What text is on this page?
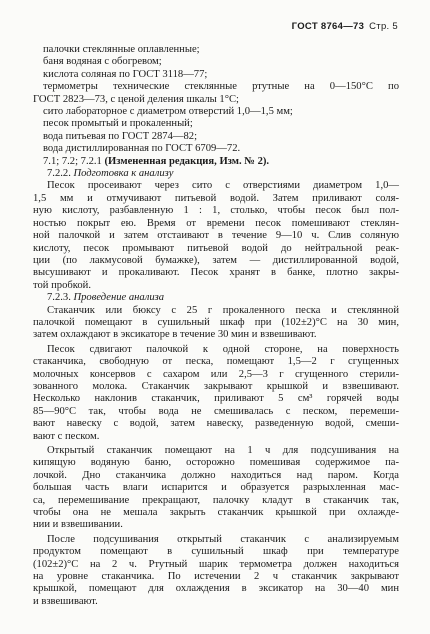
ГОСТ 8764—73 Стр. 5
палочки стеклянные оплавленные;
баня водяная с обогревом;
кислота соляная по ГОСТ 3118—77;
термометры технические стеклянные ртутные на 0—150°С по
ГОСТ 2823—73, с ценой деления шкалы 1°С;
сито лабораторное с диаметром отверстий 1,0—1,5 мм;
песок промытый и прокаленный;
вода питьевая по ГОСТ 2874—82;
вода дистиллированная по ГОСТ 6709—72.
7.1; 7.2; 7.2.1 (Измененная редакция, Изм. № 2).
7.2.2. Подготовка к анализу
Песок просеивают через сито с отверстиями диаметром 1,0—
1,5 мм и отмучивают питьевой водой. Затем приливают соля-
ную кислоту, разбавленную 1 : 1, столько, чтобы песок был пол-
ностью покрыт ею. Время от времени песок помешивают стеклян-
ной палочкой и затем отстаивают в течение 9—10 ч. Слив соляную
кислоту, песок промывают питьевой водой до нейтральной реак-
ции (по лакмусовой бумажке), затем — дистиллированной водой,
высушивают и прокаливают. Песок хранят в банке, плотно закры-
той пробкой.
7.2.3. Проведение анализа
Стаканчик или бюксу с 25 г прокаленного песка и стеклянной
палочкой помещают в сушильный шкаф при (102±2)°С на 30 мин,
затем охлаждают в эксикаторе в течение 30 мин и взвешивают.
Песок сдвигают палочкой к одной стороне, на поверхность
стаканчика, свободную от песка, помещают 1,5—2 г сгущенных
молочных консервов с сахаром или 2,5—3 г сгущенного стерили-
зованного молока. Стаканчик закрывают крышкой и взвешивают.
Несколько наклонив стаканчик, приливают 5 см³ горячей воды
85—90°С так, чтобы вода не смешивалась с песком, перемеши-
вают навеску с водой, затем навеску, разведенную водой, смеши-
вают с песком.
Открытый стаканчик помещают на 1 ч для подсушивания на
кипящую водяную баню, осторожно помешивая содержимое па-
лочкой. Дно стаканчика должно находиться над паром. Когда
большая часть влаги испарится и образуется разрыхленная мас-
са, перемешивание прекращают, палочку кладут в стаканчик так,
чтобы она не мешала закрыть стаканчик крышкой при охлажде-
нии и взвешивании.
После подсушивания открытый стаканчик с анализируемым
продуктом помещают в сушильный шкаф при температуре
(102±2)°С на 2 ч. Ртутный шарик термометра должен находиться
на уровне стаканчика. По истечении 2 ч стаканчик закрывают
крышкой, помещают для охлаждения в эксикатор на 30—40 мин
и взвешивают.
